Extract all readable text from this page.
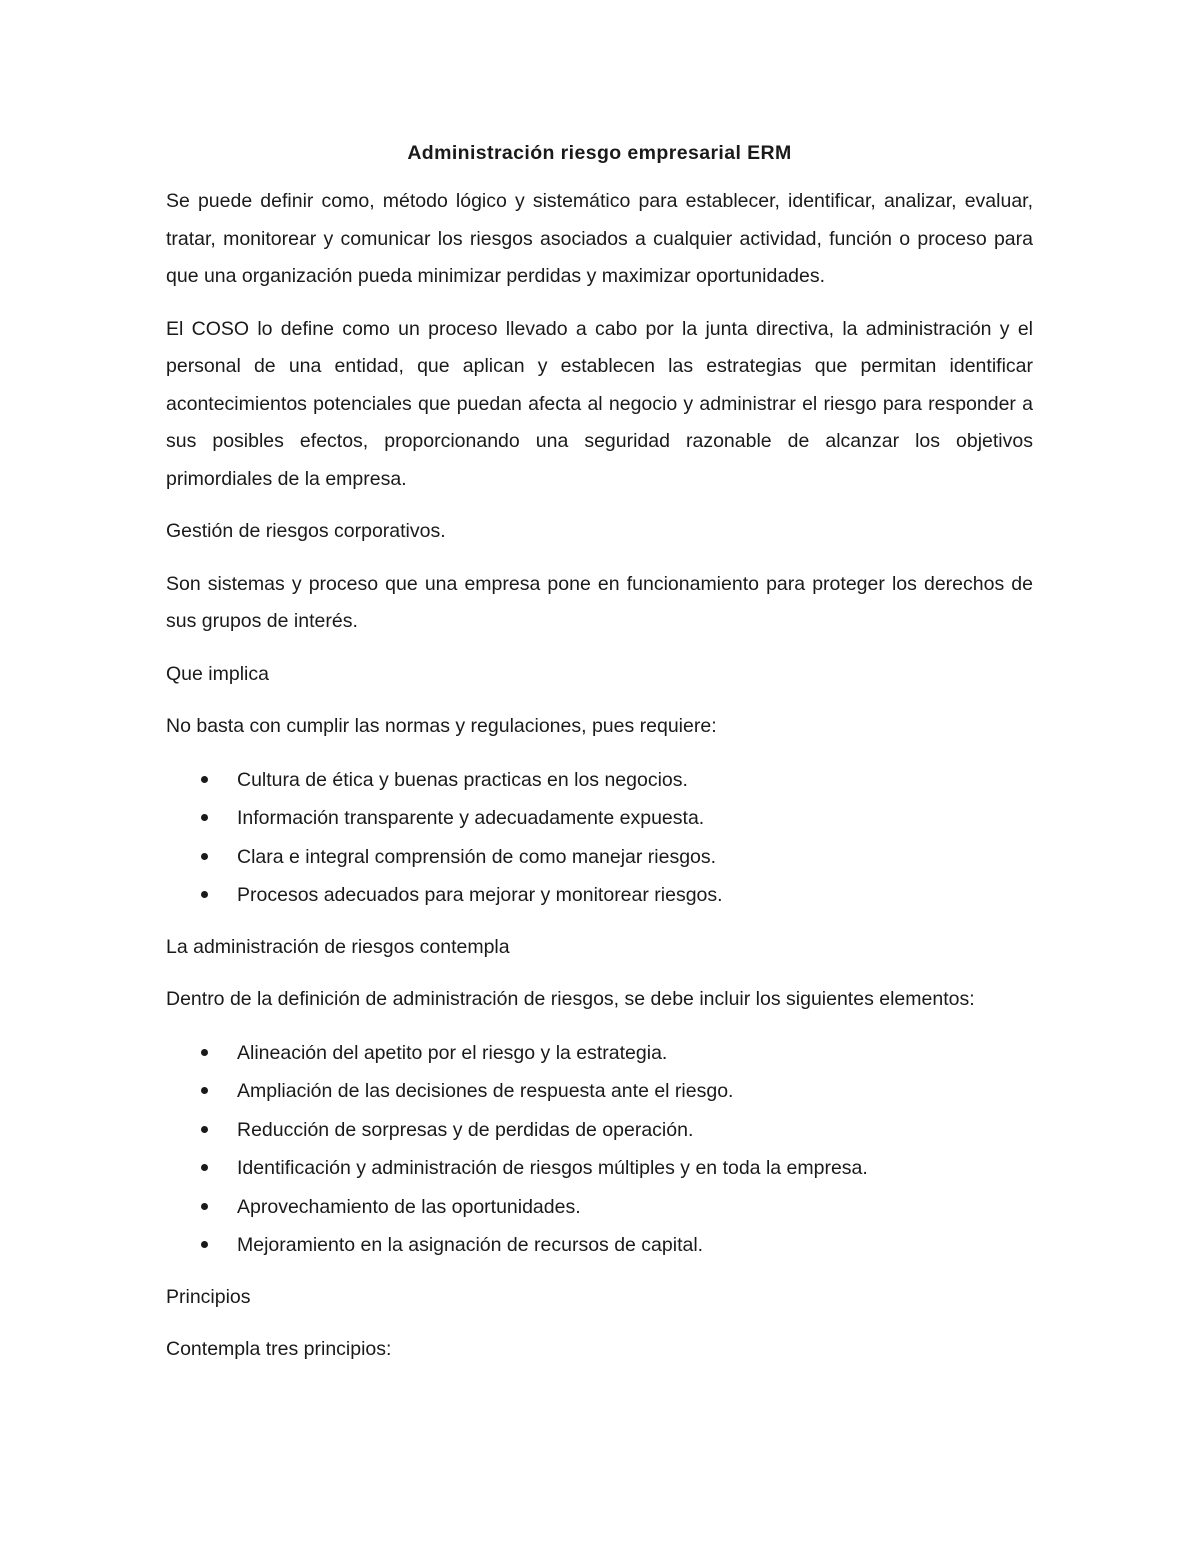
Administración riesgo empresarial ERM

Se puede definir como, método lógico y sistemático para establecer, identificar, analizar, evaluar, tratar, monitorear y comunicar los riesgos asociados a cualquier actividad, función o proceso para que una organización pueda minimizar perdidas y maximizar oportunidades.

El COSO lo define como un proceso llevado a cabo por la junta directiva, la administración y el personal de una entidad, que aplican y establecen las estrategias que permitan identificar acontecimientos potenciales que puedan afecta al negocio y administrar el riesgo para responder a sus posibles efectos, proporcionando una seguridad razonable de alcanzar los objetivos primordiales de la empresa.

Gestión de riesgos corporativos.

Son sistemas y proceso que una empresa pone en funcionamiento para proteger los derechos de sus grupos de interés.

Que implica

No basta con cumplir las normas y regulaciones, pues requiere:

Cultura de ética y buenas practicas en los negocios.
Información transparente y adecuadamente expuesta.
Clara e integral comprensión de como manejar riesgos.
Procesos adecuados para mejorar y monitorear riesgos.

La administración de riesgos contempla

Dentro de la definición de administración de riesgos, se debe incluir los siguientes elementos:

Alineación del apetito por el riesgo y la estrategia.
Ampliación de las decisiones de respuesta ante el riesgo.
Reducción de sorpresas y de perdidas de operación.
Identificación y administración de riesgos múltiples y en toda la empresa.
Aprovechamiento de las oportunidades.
Mejoramiento en la asignación de recursos de capital.

Principios

Contempla tres principios:
